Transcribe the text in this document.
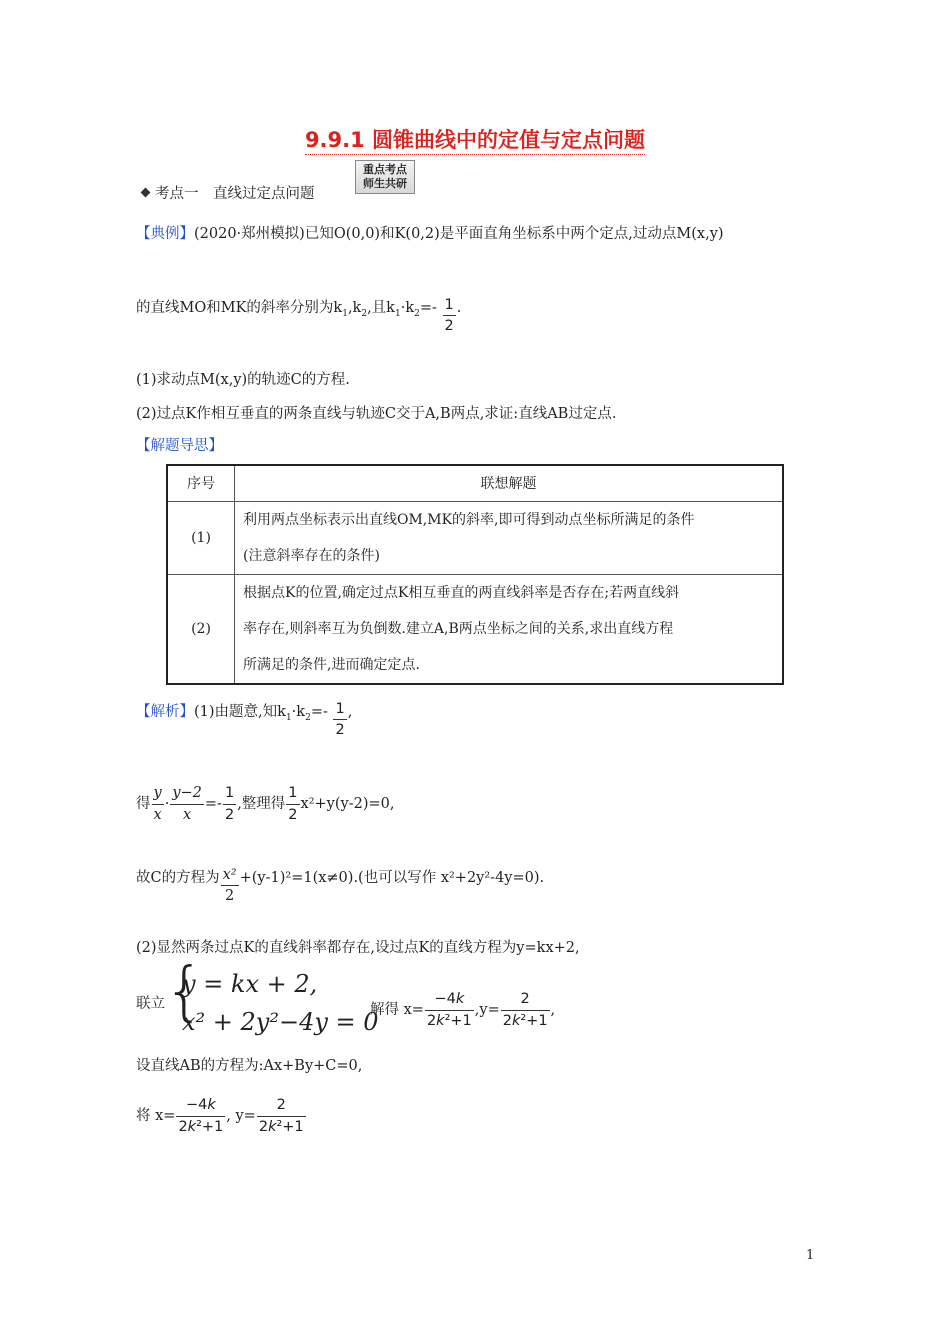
9.9.1 圆锥曲线中的定值与定点问题
考点一　直线过定点问题
重点考点
师生共研
【典例】(2020·郑州模拟)已知O(0,0)和K(0,2)是平面直角坐标系中两个定点,过动点M(x,y)
的直线MO和MK的斜率分别为$k_1,k_2$,且$k_1\cdot k_2=- \frac{1}{2}$ .
(1)求动点M(x,y)的轨迹C的方程.
(2)过点K作相互垂直的两条直线与轨迹C交于A,B两点,求证:直线AB过定点.
【解题导思】
序号	联想解题
(1)	利用两点坐标表示出直线OM,MK的斜率,即可得到动点坐标所满足的条件
(注意斜率存在的条件)

(2)	根据点K的位置,确定过点K相互垂直的两直线斜率是否存在;若两直线斜
率存在,则斜率互为负倒数.建立A,B两点坐标之间的关系,求出直线方程
所满足的条件,进而确定定点.
【解析】(1)由题意,知$k_1\cdot k_2=- \frac{1}{2}$ ,
得 $\frac{y}{x} \cdot \frac{y-2}{x} =- \frac{1}{2}$ ,整理得 $\frac{1}{2} x^2+y(y-2)=0$,
故C的方程为 $\frac{\text{x²}}{2} +(y-1)^2=1(x\ne 0)$.(也可以写作 x²+2y²-4y=0).
(2)显然两条过点K的直线斜率都存在,设过点K的直线方程为y=kx+2,
联立 {
y = kx + 2,
x² + 2y²−4y = 0
解得 $x= \frac{-4k}{\text{2k²+1}} ,y= \frac{2}{\text{2k²+1}}$ ,
设直线AB的方程为:Ax+By+C=0,
将 $x= \frac{-4k}{\text{2k²+1}}$ , $y= \frac{2}{\text{2k²+1}}$
1
